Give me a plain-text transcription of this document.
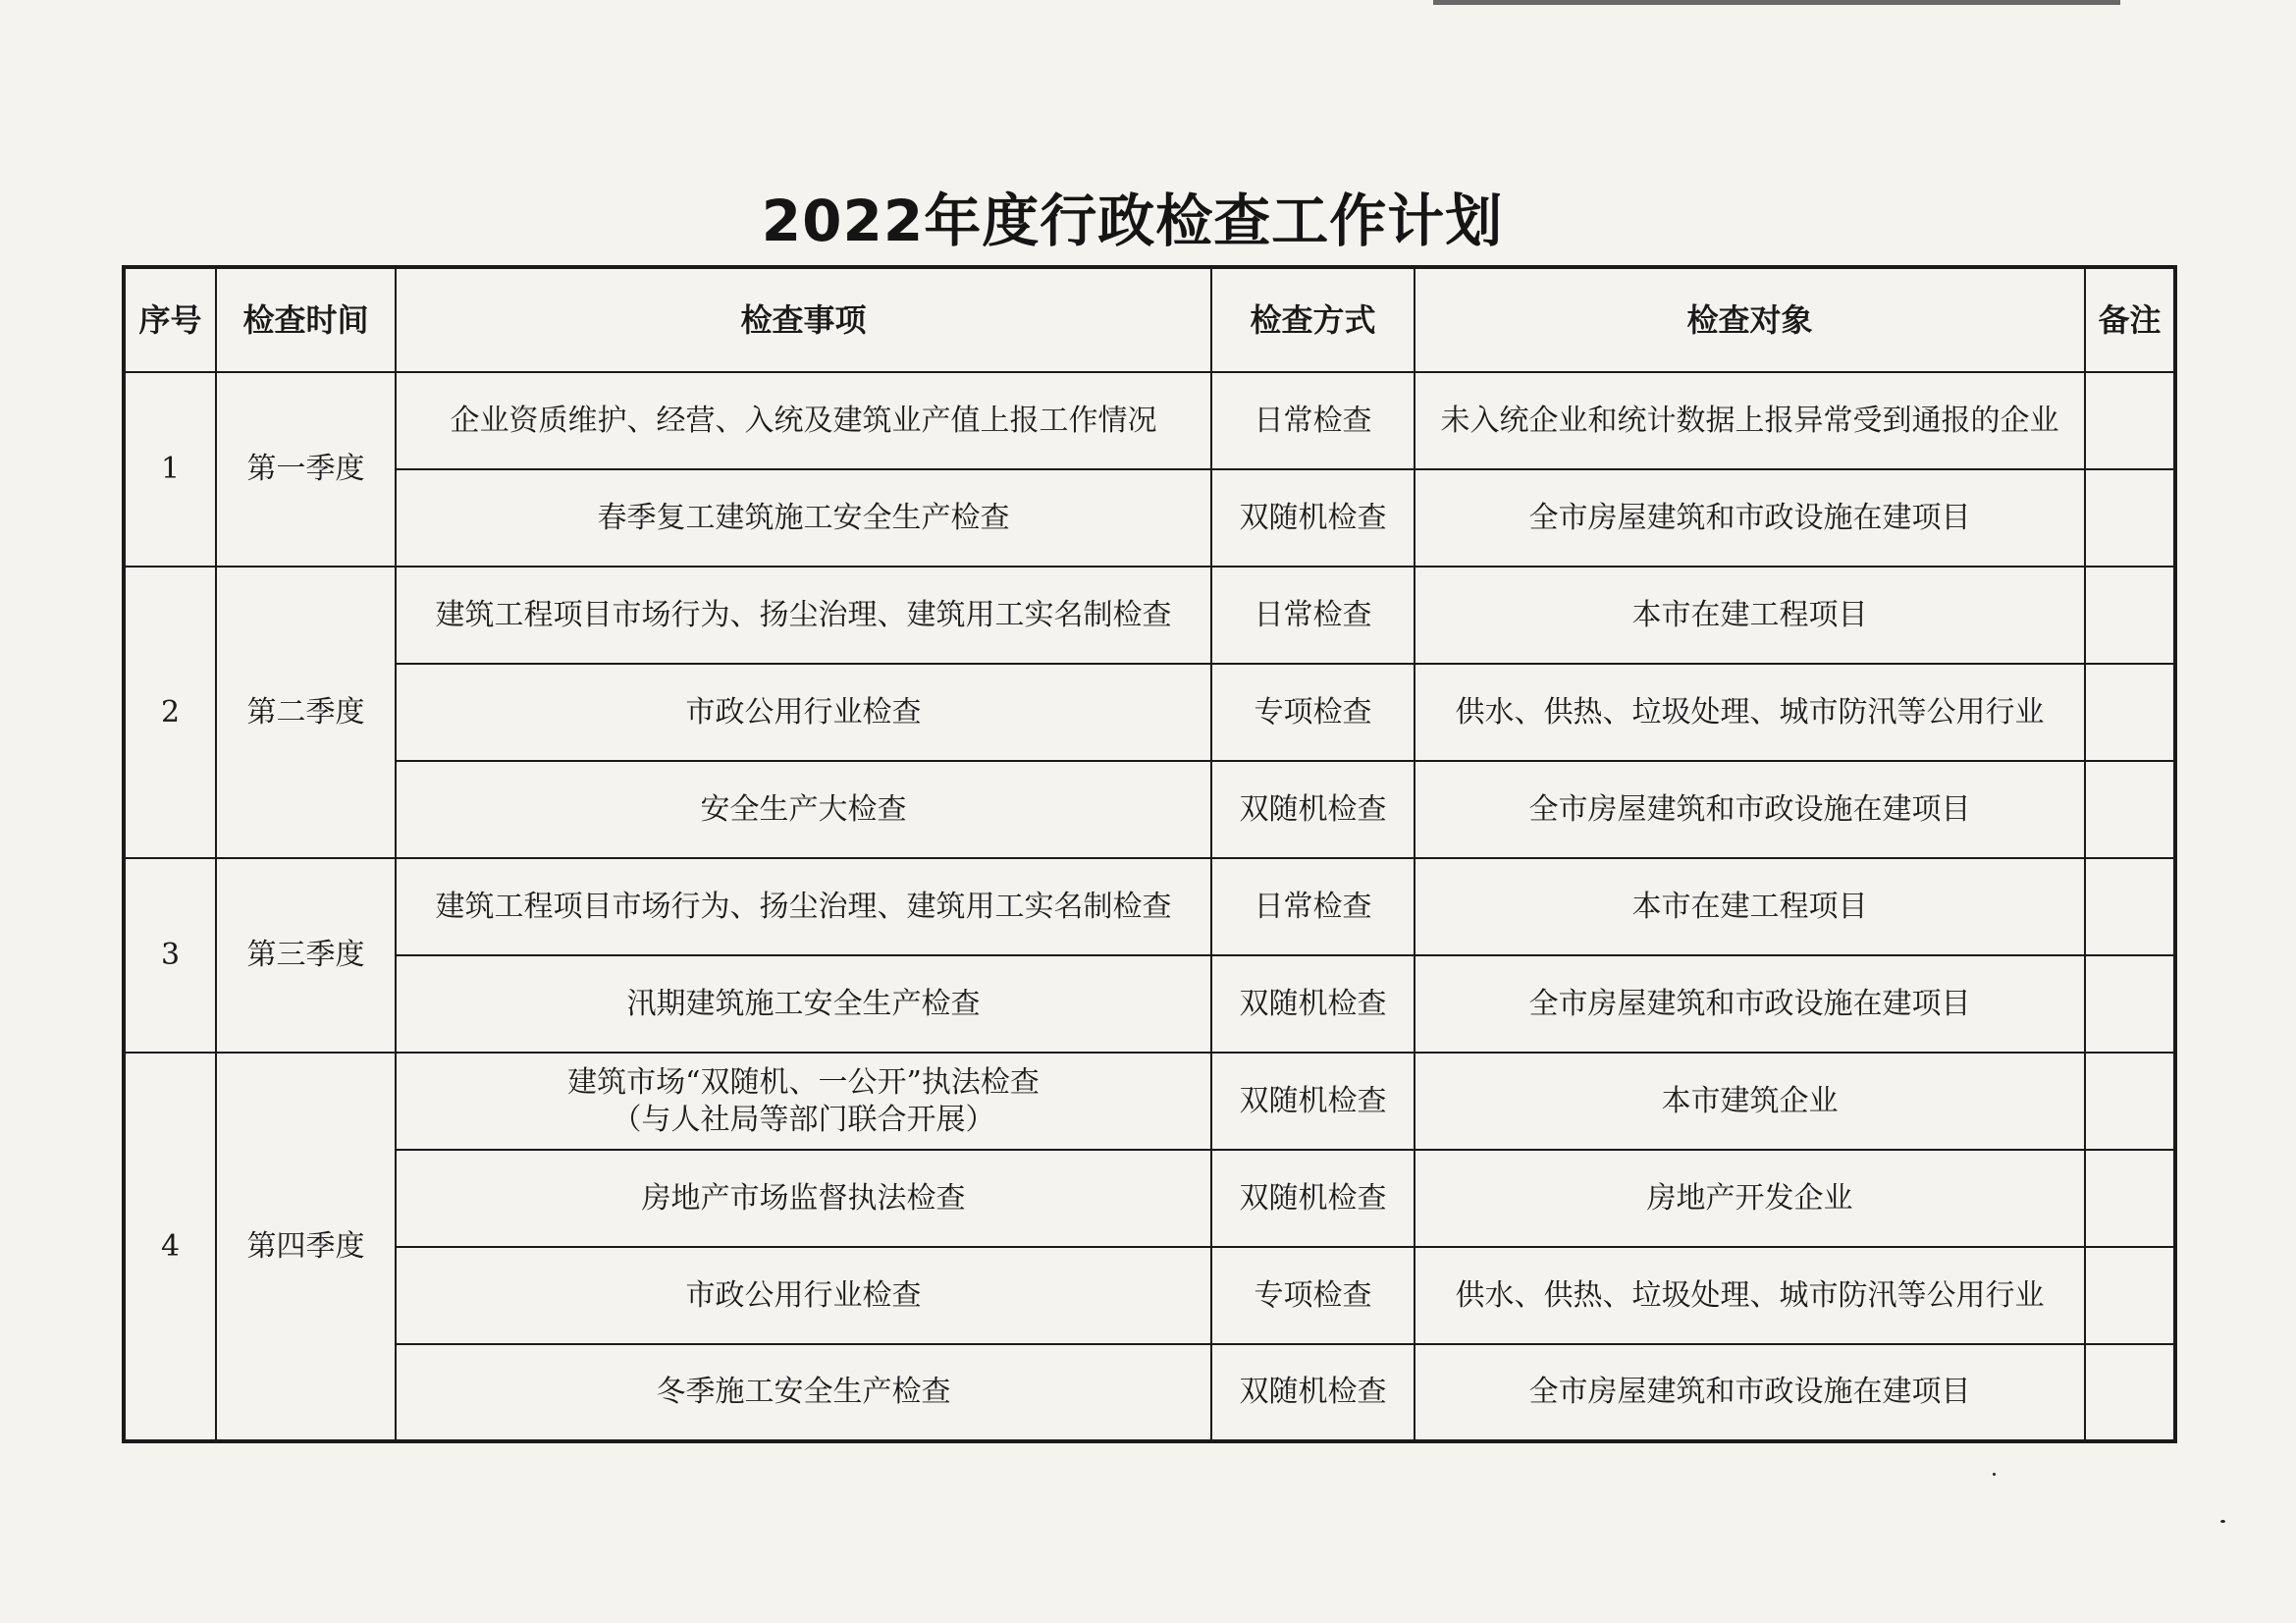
2022年度行政检查工作计划
序号	检查时间	检查事项	检查方式	检查对象	备注
1	第一季度	企业资质维护、经营、入统及建筑业产值上报工作情况	日常检查	未入统企业和统计数据上报异常受到通报的企业	
		春季复工建筑施工安全生产检查	双随机检查	全市房屋建筑和市政设施在建项目	
2	第二季度	建筑工程项目市场行为、扬尘治理、建筑用工实名制检查	日常检查	本市在建工程项目	
		市政公用行业检查	专项检查	供水、供热、垃圾处理、城市防汛等公用行业	
		安全生产大检查	双随机检查	全市房屋建筑和市政设施在建项目	
3	第三季度	建筑工程项目市场行为、扬尘治理、建筑用工实名制检查	日常检查	本市在建工程项目	
		汛期建筑施工安全生产检查	双随机检查	全市房屋建筑和市政设施在建项目	
4	第四季度	建筑市场“双随机、一公开”执法检查
（与人社局等部门联合开展）	双随机检查	本市建筑企业	
		房地产市场监督执法检查	双随机检查	房地产开发企业	
		市政公用行业检查	专项检查	供水、供热、垃圾处理、城市防汛等公用行业	
		冬季施工安全生产检查	双随机检查	全市房屋建筑和市政设施在建项目	
